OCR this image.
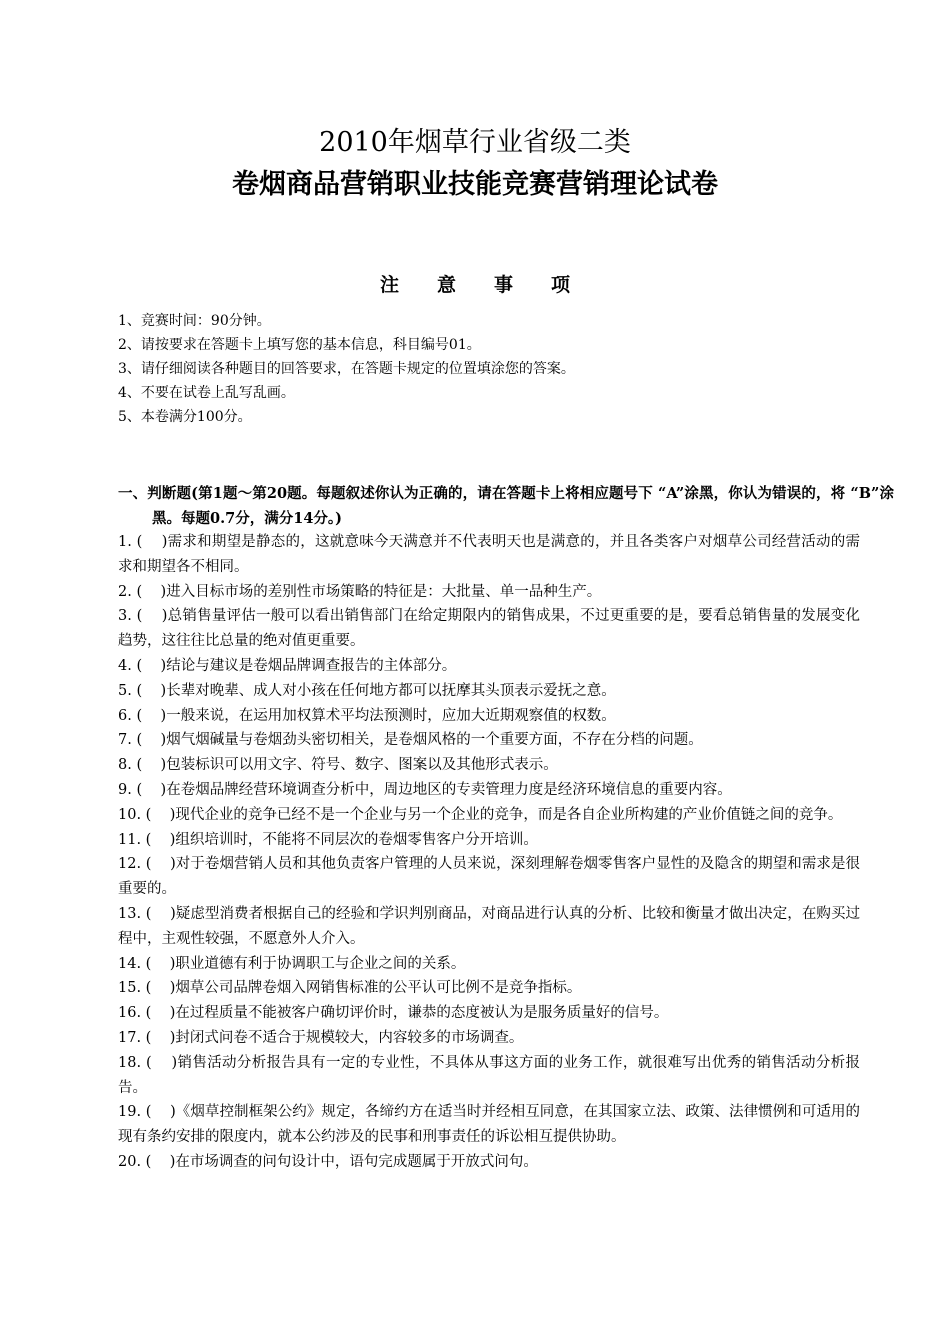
2010年烟草行业省级二类
卷烟商品营销职业技能竞赛营销理论试卷
注意事项
1、竞赛时间：90分钟。
2、请按要求在答题卡上填写您的基本信息，科目编号01。
3、请仔细阅读各种题目的回答要求，在答题卡规定的位置填涂您的答案。
4、不要在试卷上乱写乱画。
5、本卷满分100分。

一、判断题(第1题～第20题。每题叙述你认为正确的，请在答题卡上将相应题号下 “A”涂黑，你认为错误的，将 “B”涂黑。每题0.7分，满分14分。)

1. (    )需求和期望是静态的，这就意味今天满意并不代表明天也是满意的，并且各类客户对烟草公司经营活动的需求和期望各不相同。
2. (    )进入目标市场的差别性市场策略的特征是：大批量、单一品种生产。
3. (    )总销售量评估一般可以看出销售部门在给定期限内的销售成果，不过更重要的是，要看总销售量的发展变化趋势，这往往比总量的绝对值更重要。
4. (    )结论与建议是卷烟品牌调查报告的主体部分。
5. (    )长辈对晚辈、成人对小孩在任何地方都可以抚摩其头顶表示爱抚之意。
6. (    )一般来说，在运用加权算术平均法预测时，应加大近期观察值的权数。
7. (    )烟气烟碱量与卷烟劲头密切相关，是卷烟风格的一个重要方面，不存在分档的问题。
8. (    )包装标识可以用文字、符号、数字、图案以及其他形式表示。
9. (    )在卷烟品牌经营环境调查分析中，周边地区的专卖管理力度是经济环境信息的重要内容。
10. (    )现代企业的竞争已经不是一个企业与另一个企业的竞争，而是各自企业所构建的产业价值链之间的竞争。
11. (    )组织培训时，不能将不同层次的卷烟零售客户分开培训。
12. (    )对于卷烟营销人员和其他负责客户管理的人员来说，深刻理解卷烟零售客户显性的及隐含的期望和需求是很重要的。
13. (    )疑虑型消费者根据自己的经验和学识判别商品，对商品进行认真的分析、比较和衡量才做出决定，在购买过程中，主观性较强，不愿意外人介入。
14. (    )职业道德有利于协调职工与企业之间的关系。
15. (    )烟草公司品牌卷烟入网销售标准的公平认可比例不是竞争指标。
16. (    )在过程质量不能被客户确切评价时，谦恭的态度被认为是服务质量好的信号。
17. (    )封闭式问卷不适合于规模较大，内容较多的市场调查。
18. (    )销售活动分析报告具有一定的专业性，不具体从事这方面的业务工作，就很难写出优秀的销售活动分析报告。
19. (    )《烟草控制框架公约》规定，各缔约方在适当时并经相互同意，在其国家立法、政策、法律惯例和可适用的现有条约安排的限度内，就本公约涉及的民事和刑事责任的诉讼相互提供协助。
20. (    )在市场调查的问句设计中，语句完成题属于开放式问句。
